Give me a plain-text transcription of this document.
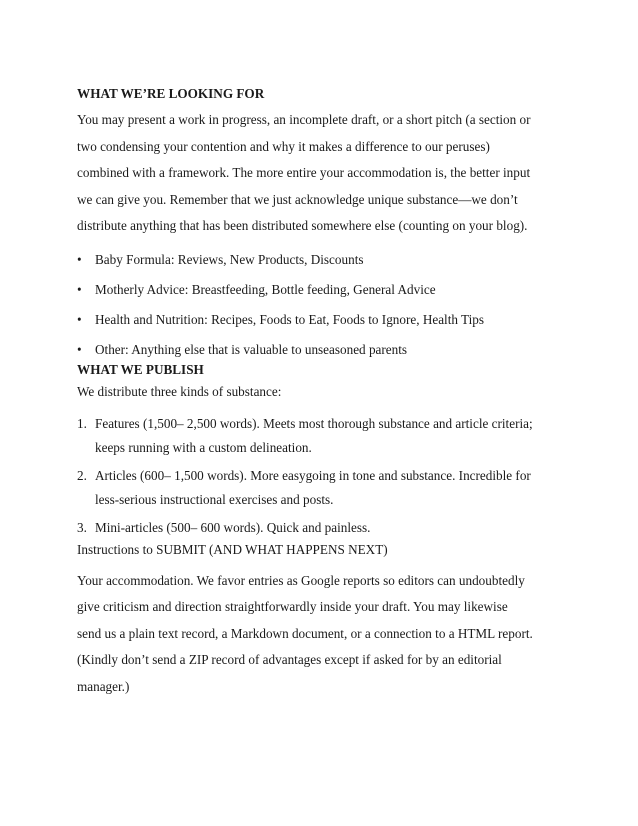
WHAT WE’RE LOOKING FOR
You may present a work in progress, an incomplete draft, or a short pitch (a section or
two condensing your contention and why it makes a difference to our peruses)
combined with a framework. The more entire your accommodation is, the better input
we can give you. Remember that we just acknowledge unique substance—we don’t
distribute anything that has been distributed somewhere else (counting on your blog).
• Baby Formula: Reviews, New Products, Discounts
• Motherly Advice: Breastfeeding, Bottle feeding, General Advice
• Health and Nutrition: Recipes, Foods to Eat, Foods to Ignore, Health Tips
• Other: Anything else that is valuable to unseasoned parents
WHAT WE PUBLISH
We distribute three kinds of substance:
1. Features (1,500– 2,500 words). Meets most thorough substance and article criteria;
keeps running with a custom delineation.
2. Articles (600– 1,500 words). More easygoing in tone and substance. Incredible for
less-serious instructional exercises and posts.
3. Mini-articles (500– 600 words). Quick and painless.
Instructions to SUBMIT (AND WHAT HAPPENS NEXT)
Your accommodation. We favor entries as Google reports so editors can undoubtedly
give criticism and direction straightforwardly inside your draft. You may likewise
send us a plain text record, a Markdown document, or a connection to a HTML report.
(Kindly don’t send a ZIP record of advantages except if asked for by an editorial
manager.)
